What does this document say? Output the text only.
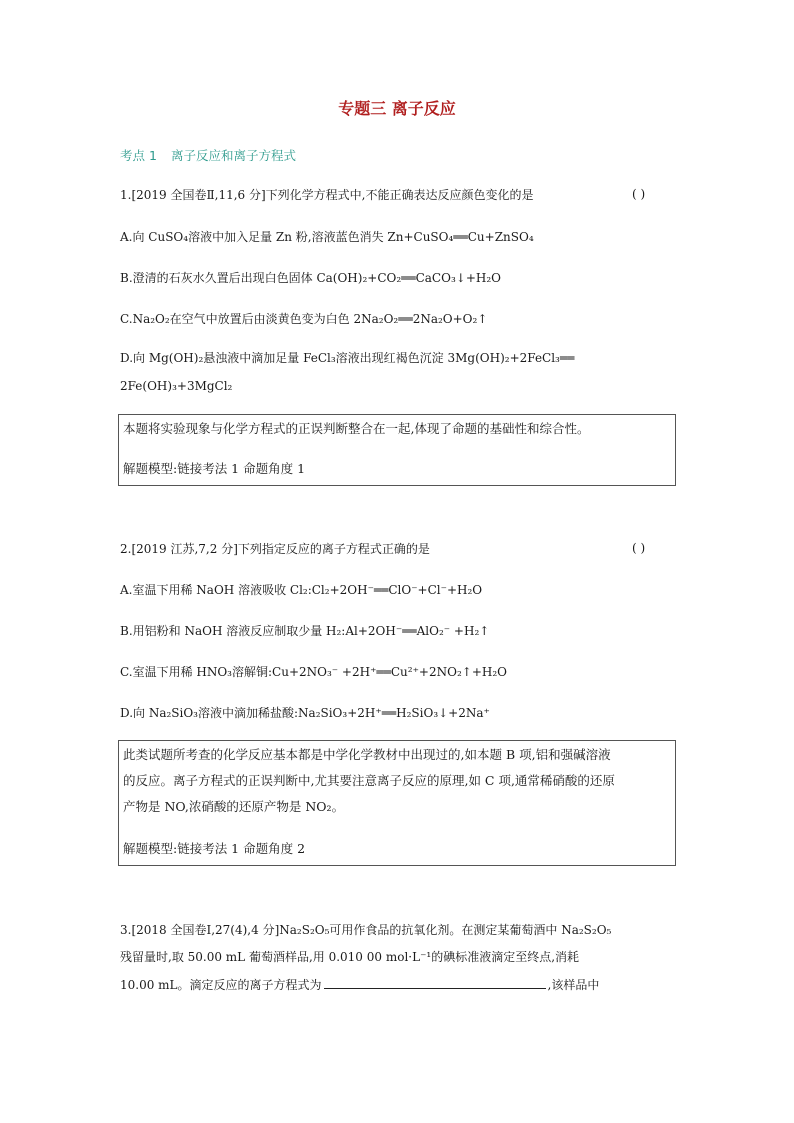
专题三 离子反应
考点 1 离子反应和离子方程式
1.[2019 全国卷Ⅱ,11,6 分]下列化学方程式中,不能正确表达反应颜色变化的是	( )
A.向 CuSO₄溶液中加入足量 Zn 粉,溶液蓝色消失 Zn+CuSO₄══Cu+ZnSO₄
B.澄清的石灰水久置后出现白色固体 Ca(OH)₂+CO₂══CaCO₃↓+H₂O
C.Na₂O₂在空气中放置后由淡黄色变为白色 2Na₂O₂══2Na₂O+O₂↑
D.向 Mg(OH)₂悬浊液中滴加足量 FeCl₃溶液出现红褐色沉淀 3Mg(OH)₂+2FeCl₃══
2Fe(OH)₃+3MgCl₂
本题将实验现象与化学方程式的正误判断整合在一起,体现了命题的基础性和综合性。
解题模型:链接考法 1 命题角度 1
2.[2019 江苏,7,2 分]下列指定反应的离子方程式正确的是	( )
A.室温下用稀 NaOH 溶液吸收 Cl₂:Cl₂+2OH⁻══ClO⁻+Cl⁻+H₂O
B.用铝粉和 NaOH 溶液反应制取少量 H₂:Al+2OH⁻══AlO₂⁻ +H₂↑
C.室温下用稀 HNO₃溶解铜:Cu+2NO₃⁻ +2H⁺══Cu²⁺+2NO₂↑+H₂O
D.向 Na₂SiO₃溶液中滴加稀盐酸:Na₂SiO₃+2H⁺══H₂SiO₃↓+2Na⁺
此类试题所考查的化学反应基本都是中学化学教材中出现过的,如本题 B 项,铝和强碱溶液
的反应。离子方程式的正误判断中,尤其要注意离子反应的原理,如 C 项,通常稀硝酸的还原
产物是 NO,浓硝酸的还原产物是 NO₂。
解题模型:链接考法 1 命题角度 2
3.[2018 全国卷Ⅰ,27(4),4 分]Na₂S₂O₅可用作食品的抗氧化剂。在测定某葡萄酒中 Na₂S₂O₅
残留量时,取 50.00 mL 葡萄酒样品,用 0.010 00 mol·L⁻¹的碘标准液滴定至终点,消耗
10.00 mL。滴定反应的离子方程式为	,该样品中
